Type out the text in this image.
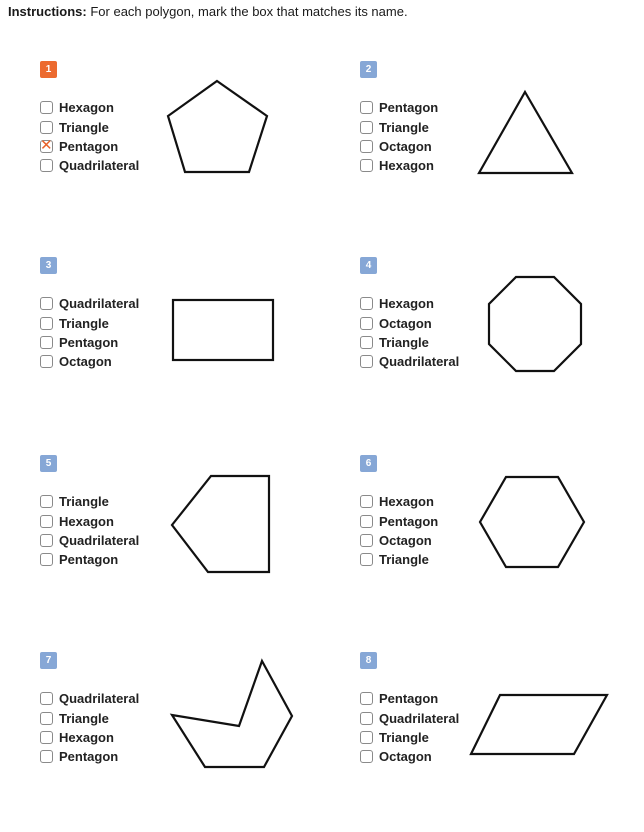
Instructions: For each polygon, mark the box that matches its name.
1
Hexagon
Triangle
✕ Pentagon
Quadrilateral
2
Pentagon
Triangle
Octagon
Hexagon
3
Quadrilateral
Triangle
Pentagon
Octagon
4
Hexagon
Octagon
Triangle
Quadrilateral
5
Triangle
Hexagon
Quadrilateral
Pentagon
6
Hexagon
Pentagon
Octagon
Triangle
7
Quadrilateral
Triangle
Hexagon
Pentagon
8
Pentagon
Quadrilateral
Triangle
Octagon
